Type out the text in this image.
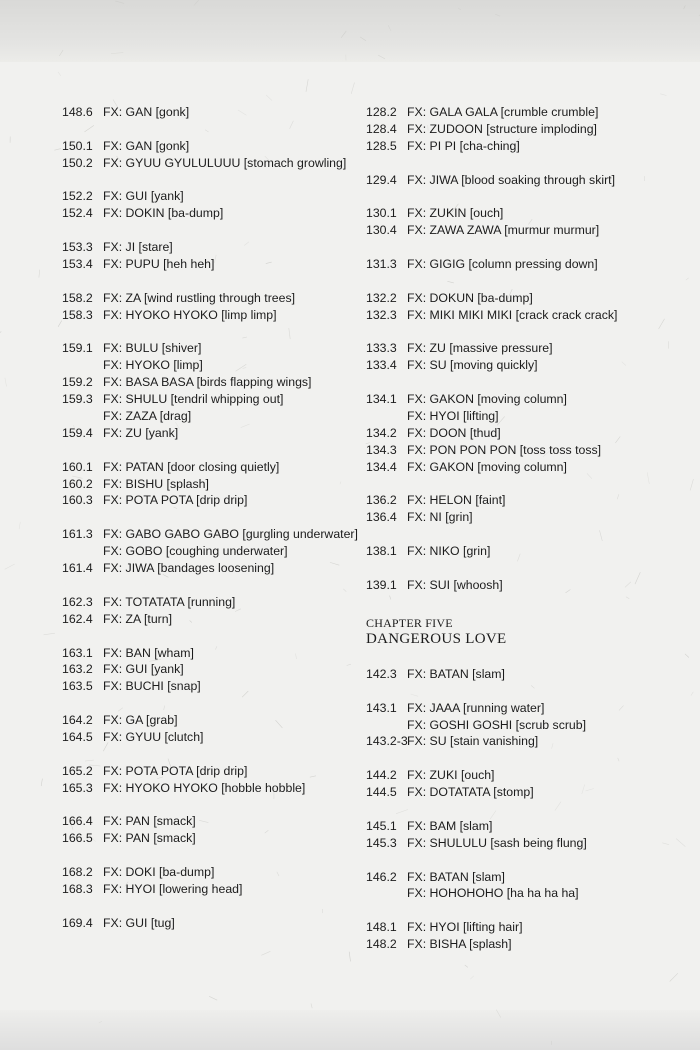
148.6 FX: GAN [gonk]
150.1 FX: GAN [gonk]
150.2 FX: GYUU GYULULUUU [stomach growling]
152.2 FX: GUI [yank]
152.4 FX: DOKIN [ba-dump]
153.3 FX: JI [stare]
153.4 FX: PUPU [heh heh]
158.2 FX: ZA [wind rustling through trees]
158.3 FX: HYOKO HYOKO [limp limp]
159.1 FX: BULU [shiver]
FX: HYOKO [limp]
159.2 FX: BASA BASA [birds flapping wings]
159.3 FX: SHULU [tendril whipping out]
FX: ZAZA [drag]
159.4 FX: ZU [yank]
160.1 FX: PATAN [door closing quietly]
160.2 FX: BISHU [splash]
160.3 FX: POTA POTA [drip drip]
161.3 FX: GABO GABO GABO [gurgling underwater]
FX: GOBO [coughing underwater]
161.4 FX: JIWA [bandages loosening]
162.3 FX: TOTATATA [running]
162.4 FX: ZA [turn]
163.1 FX: BAN [wham]
163.2 FX: GUI [yank]
163.5 FX: BUCHI [snap]
164.2 FX: GA [grab]
164.5 FX: GYUU [clutch]
165.2 FX: POTA POTA [drip drip]
165.3 FX: HYOKO HYOKO [hobble hobble]
166.4 FX: PAN [smack]
166.5 FX: PAN [smack]
168.2 FX: DOKI [ba-dump]
168.3 FX: HYOI [lowering head]
169.4 FX: GUI [tug]
128.2 FX: GALA GALA [crumble crumble]
128.4 FX: ZUDOON [structure imploding]
128.5 FX: PI PI [cha-ching]
129.4 FX: JIWA [blood soaking through skirt]
130.1 FX: ZUKIN [ouch]
130.4 FX: ZAWA ZAWA [murmur murmur]
131.3 FX: GIGIG [column pressing down]
132.2 FX: DOKUN [ba-dump]
132.3 FX: MIKI MIKI MIKI [crack crack crack]
133.3 FX: ZU [massive pressure]
133.4 FX: SU [moving quickly]
134.1 FX: GAKON [moving column]
FX: HYOI [lifting]
134.2 FX: DOON [thud]
134.3 FX: PON PON PON [toss toss toss]
134.4 FX: GAKON [moving column]
136.2 FX: HELON [faint]
136.4 FX: NI [grin]
138.1 FX: NIKO [grin]
139.1 FX: SUI [whoosh]
CHAPTER FIVE
DANGEROUS LOVE
142.3 FX: BATAN [slam]
143.1 FX: JAAA [running water]
FX: GOSHI GOSHI [scrub scrub]
143.2-3 FX: SU [stain vanishing]
144.2 FX: ZUKI [ouch]
144.5 FX: DOTATATA [stomp]
145.1 FX: BAM [slam]
145.3 FX: SHULULU [sash being flung]
146.2 FX: BATAN [slam]
FX: HOHOHOHO [ha ha ha ha]
148.1 FX: HYOI [lifting hair]
148.2 FX: BISHA [splash]
